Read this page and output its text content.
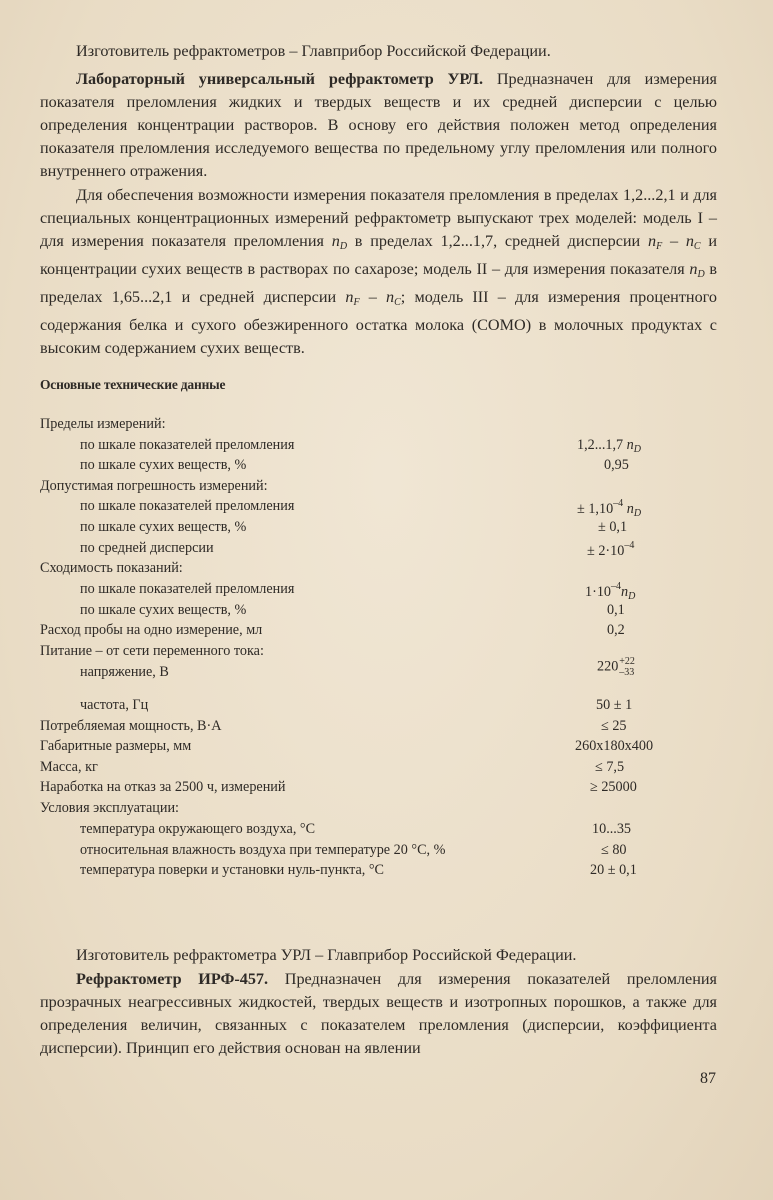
Изготовитель рефрактометров – Главприбор Российской Федерации.
Лабораторный универсальный рефрактометр УРЛ. Предназначен для измерения показателя преломления жидких и твердых веществ и их средней дисперсии с целью определения концентрации растворов. В основу его действия положен метод определения показателя преломления исследуемого вещества по предельному углу преломления или полного внутреннего отражения.
Для обеспечения возможности измерения показателя преломления в пределах 1,2...2,1 и для специальных концентрационных измерений рефрактометр выпускают трех моделей: модель I – для измерения показателя преломления $n_D$ в пределах 1,2...1,7, средней дисперсии $n_F - n_C$ и концентрации сухих веществ в растворах по сахарозе; модель II – для измерения показателя $n_D$ в пределах 1,65...2,1 и средней дисперсии $n_F - n_C$; модель III – для измерения процентного содержания белка и сухого обезжиренного остатка молока (СОМО) в молочных продуктах с высоким содержанием сухих веществ.
Основные технические данные
Пределы измерений:
по шкале показателей преломления
по шкале сухих веществ, %
Допустимая погрешность измерений:
по шкале показателей преломления
по шкале сухих веществ, %
по средней дисперсии
Сходимость показаний:
по шкале показателей преломления
по шкале сухих веществ, %
Расход пробы на одно измерение, мл
Питание – от сети переменного тока:
напряжение, В
частота, Гц
Потребляемая мощность, В·А
Габаритные размеры, мм
Масса, кг
Наработка на отказ за 2500 ч, измерений
Условия эксплуатации:
температура окружающего воздуха, °С
относительная влажность воздуха при температуре 20 °С, %
температура поверки и установки нуль-пункта, °С
1,2...1,7 $n_D$
0,95
± $1,10^{-4}$ $n_D$
± 0,1
± $2\cdot 10^{-4}$
$1\cdot 10^{-4}n_D$
0,1
0,2
220 +22
–33
50 ± 1
≤ 25
260x180x400
≤ 7,5
≥ 25000
10...35
≤ 80
20 ± 0,1
Изготовитель рефрактометра УРЛ – Главприбор Российской Федерации.
Рефрактометр ИРФ-457. Предназначен для измерения показателей преломления прозрачных неагрессивных жидкостей, твердых веществ и изотропных порошков, а также для определения величин, связанных с показателем преломления (дисперсии, коэффициента дисперсии). Принцип его действия основан на явлении
87
